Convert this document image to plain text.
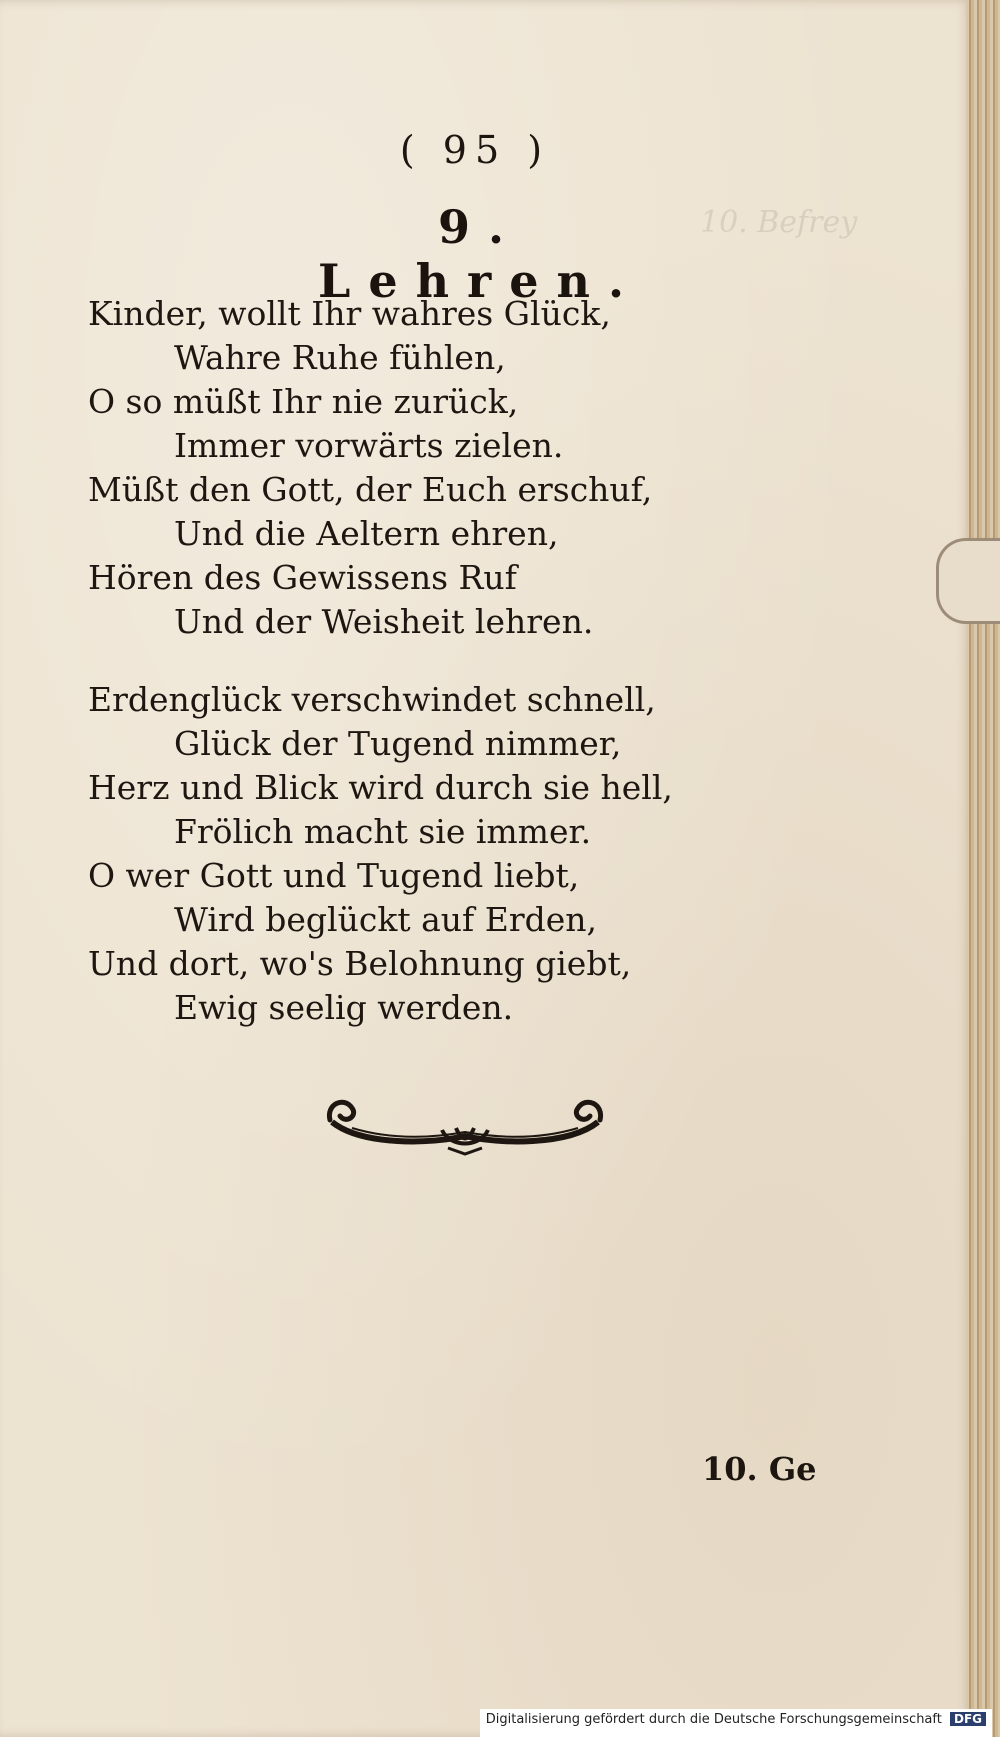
10. Befrey
( 95 )
9. Lehren.
Kinder, wollt Ihr wahres Glück,
Wahre Ruhe fühlen,
O so müßt Ihr nie zurück,
Immer vorwärts zielen.
Müßt den Gott, der Euch erschuf,
Und die Aeltern ehren,
Hören des Gewissens Ruf
Und der Weisheit lehren.
Erdenglück verschwindet schnell,
Glück der Tugend nimmer,
Herz und Blick wird durch sie hell,
Frölich macht sie immer.
O wer Gott und Tugend liebt,
Wird beglückt auf Erden,
Und dort, wo's Belohnung giebt,
Ewig seelig werden.
10. Ge
Digitalisierung gefördert durch die Deutsche Forschungsgemeinschaft DFG
